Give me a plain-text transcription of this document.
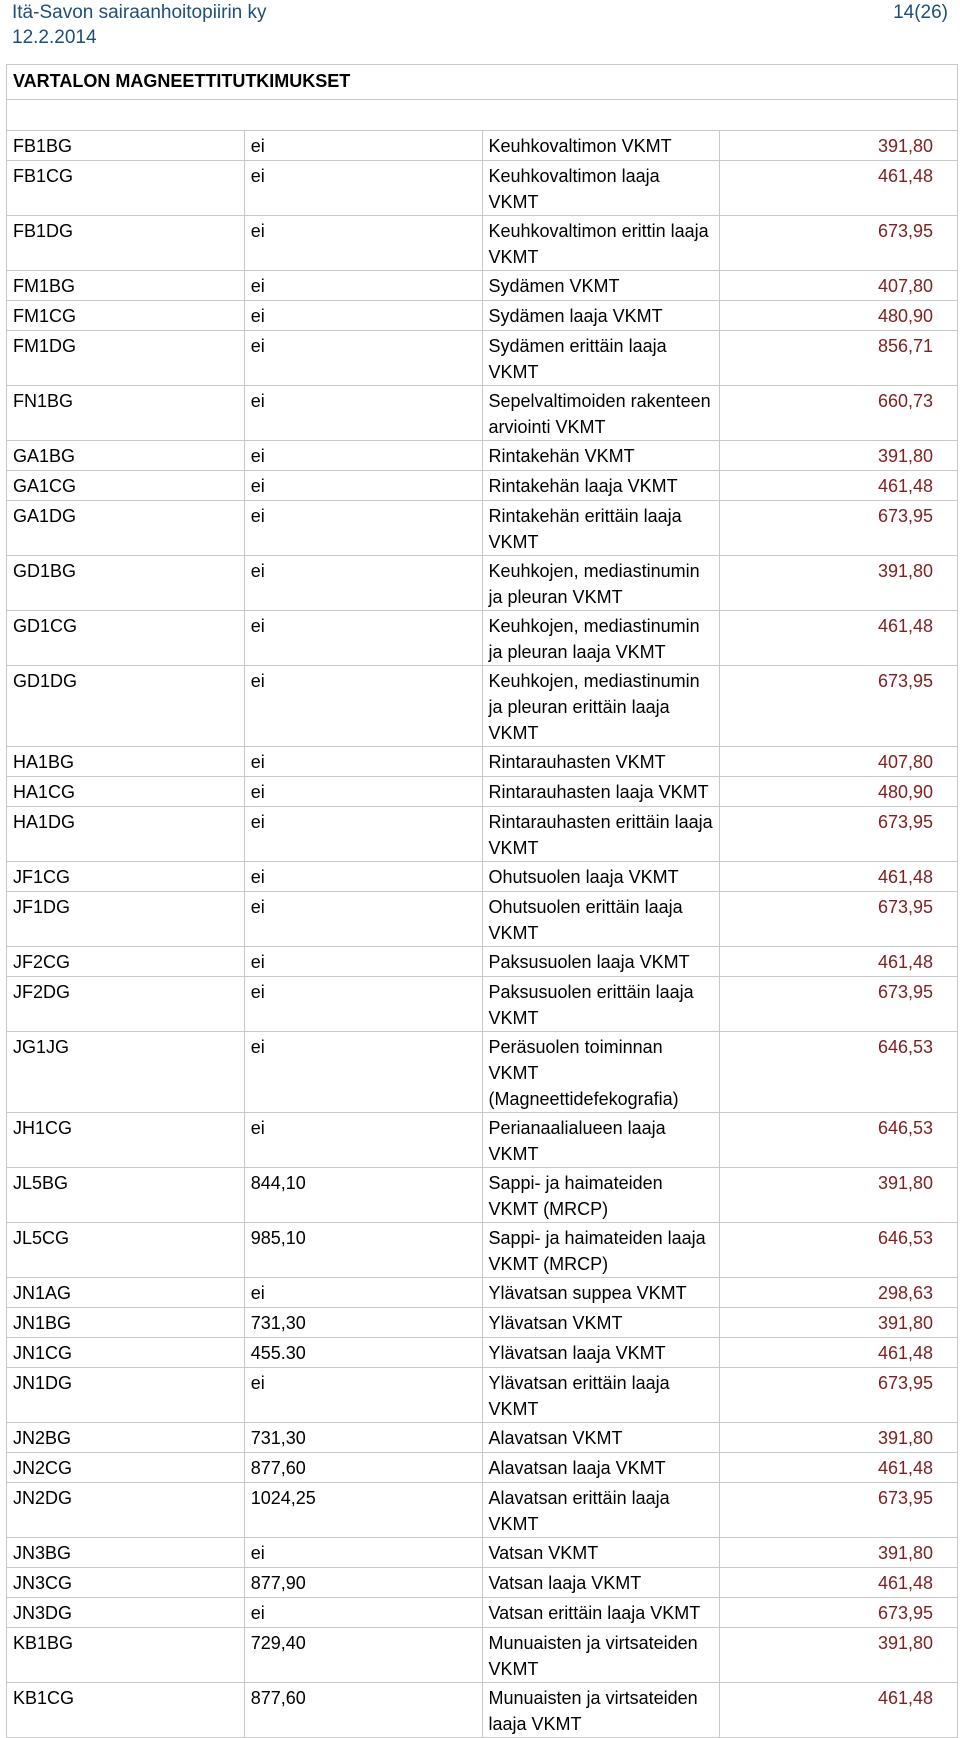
Itä-Savon sairaanhoitopiirin ky
12.2.2014
14(26)
VARTALON MAGNEETTITUTKIMUKSET			

FB1BG	ei	Keuhkovaltimon VKMT	391,80
FB1CG	ei	Keuhkovaltimon laaja VKMT	461,48
FB1DG	ei	Keuhkovaltimon erittin laaja VKMT	673,95
FM1BG	ei	Sydämen VKMT	407,80
FM1CG	ei	Sydämen laaja VKMT	480,90
FM1DG	ei	Sydämen erittäin laaja VKMT	856,71
FN1BG	ei	Sepelvaltimoiden rakenteen arviointi VKMT	660,73
GA1BG	ei	Rintakehän VKMT	391,80
GA1CG	ei	Rintakehän laaja VKMT	461,48
GA1DG	ei	Rintakehän erittäin laaja VKMT	673,95
GD1BG	ei	Keuhkojen, mediastinumin ja pleuran VKMT	391,80
GD1CG	ei	Keuhkojen, mediastinumin ja pleuran laaja VKMT	461,48
GD1DG	ei	Keuhkojen, mediastinumin ja pleuran erittäin laaja VKMT	673,95
HA1BG	ei	Rintarauhasten VKMT	407,80
HA1CG	ei	Rintarauhasten laaja VKMT	480,90
HA1DG	ei	Rintarauhasten erittäin laaja VKMT	673,95
JF1CG	ei	Ohutsuolen laaja VKMT	461,48
JF1DG	ei	Ohutsuolen erittäin laaja VKMT	673,95
JF2CG	ei	Paksusuolen laaja VKMT	461,48
JF2DG	ei	Paksusuolen erittäin laaja VKMT	673,95
JG1JG	ei	Peräsuolen toiminnan VKMT (Magneettidefekografia)	646,53
JH1CG	ei	Perianaalialueen laaja VKMT	646,53
JL5BG	844,10	Sappi- ja haimateiden VKMT (MRCP)	391,80
JL5CG	985,10	Sappi- ja haimateiden laaja VKMT (MRCP)	646,53
JN1AG	ei	Ylävatsan suppea VKMT	298,63
JN1BG	731,30	Ylävatsan VKMT	391,80
JN1CG	455.30	Ylävatsan laaja VKMT	461,48
JN1DG	ei	Ylävatsan erittäin laaja VKMT	673,95
JN2BG	731,30	Alavatsan VKMT	391,80
JN2CG	877,60	Alavatsan laaja VKMT	461,48
JN2DG	1024,25	Alavatsan erittäin laaja VKMT	673,95
JN3BG	ei	Vatsan VKMT	391,80
JN3CG	877,90	Vatsan laaja VKMT	461,48
JN3DG	ei	Vatsan erittäin laaja VKMT	673,95
KB1BG	729,40	Munuaisten ja virtsateiden VKMT	391,80
KB1CG	877,60	Munuaisten ja virtsateiden laaja VKMT	461,48
